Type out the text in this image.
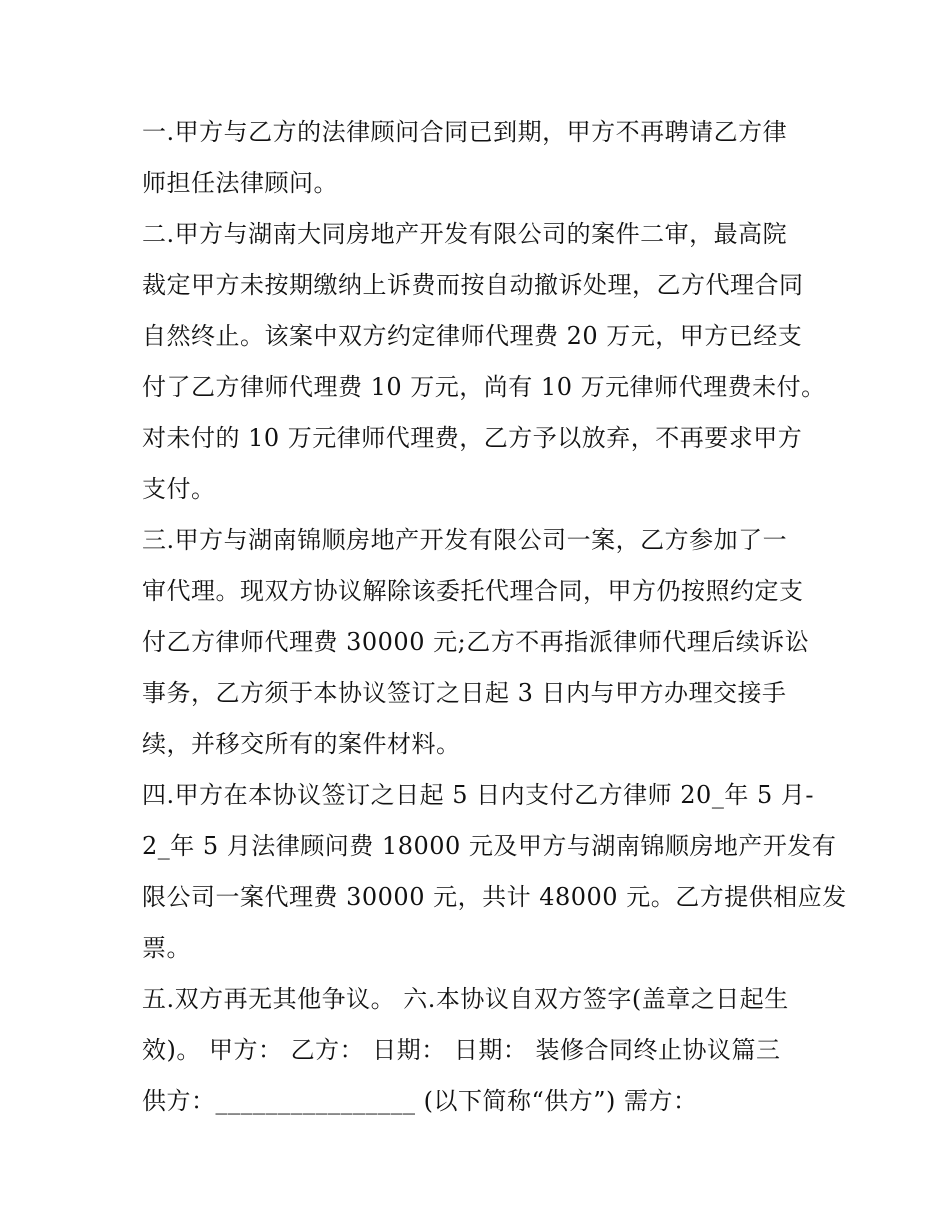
一.甲方与乙方的法律顾问合同已到期，甲方不再聘请乙方律
师担任法律顾问。
二.甲方与湖南大同房地产开发有限公司的案件二审，最高院
裁定甲方未按期缴纳上诉费而按自动撤诉处理，乙方代理合同
自然终止。该案中双方约定律师代理费 20 万元，甲方已经支
付了乙方律师代理费 10 万元，尚有 10 万元律师代理费未付。
对未付的 10 万元律师代理费，乙方予以放弃，不再要求甲方
支付。
三.甲方与湖南锦顺房地产开发有限公司一案，乙方参加了一
审代理。现双方协议解除该委托代理合同，甲方仍按照约定支
付乙方律师代理费 30000 元;乙方不再指派律师代理后续诉讼
事务，乙方须于本协议签订之日起 3 日内与甲方办理交接手
续，并移交所有的案件材料。
四.甲方在本协议签订之日起 5 日内支付乙方律师 20_年 5 月-
2_年 5 月法律顾问费 18000 元及甲方与湖南锦顺房地产开发有
限公司一案代理费 30000 元，共计 48000 元。乙方提供相应发
票。
五.双方再无其他争议。 六.本协议自双方签字(盖章之日起生
效)。 甲方： 乙方： 日期： 日期： 装修合同终止协议篇三
供方：________________ (以下简称“供方”) 需方：
